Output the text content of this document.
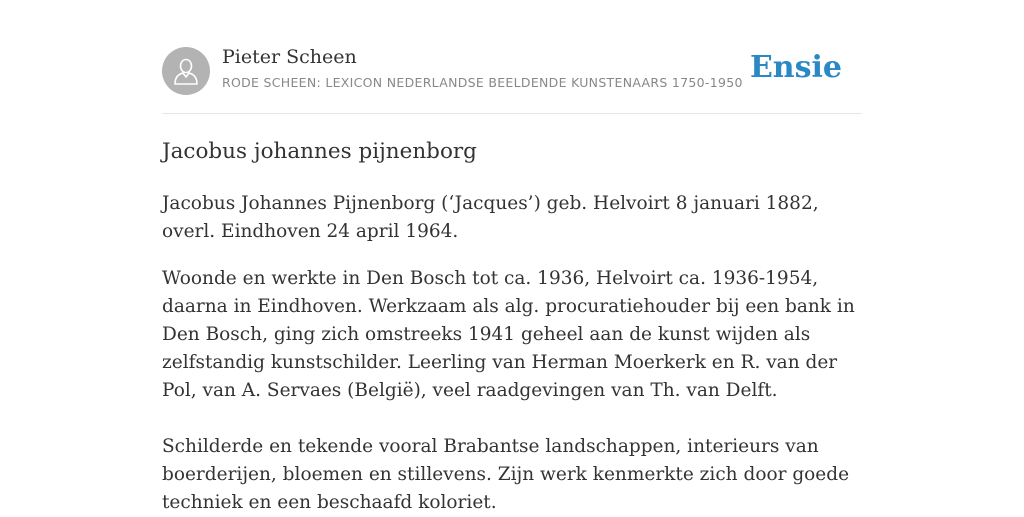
Pieter Scheen
RODE SCHEEN: LEXICON NEDERLANDSE BEELDENDE KUNSTENAARS 1750-1950 Ensie
Jacobus johannes pijnenborg

Jacobus Johannes Pijnenborg (‘Jacques’) geb. Helvoirt 8 januari 1882, overl. Eindhoven 24 april 1964.

Woonde en werkte in Den Bosch tot ca. 1936, Helvoirt ca. 1936-1954, daarna in Eindhoven. Werkzaam als alg. procuratiehouder bij een bank in Den Bosch, ging zich omstreeks 1941 geheel aan de kunst wijden als zelfstandig kunstschilder. Leerling van Herman Moerkerk en R. van der Pol, van A. Servaes (België), veel raadgevingen van Th. van Delft.

Schilderde en tekende vooral Brabantse landschappen, interieurs van boerderijen, bloemen en stillevens. Zijn werk kenmerkte zich door goede techniek en een beschaafd koloriet.
